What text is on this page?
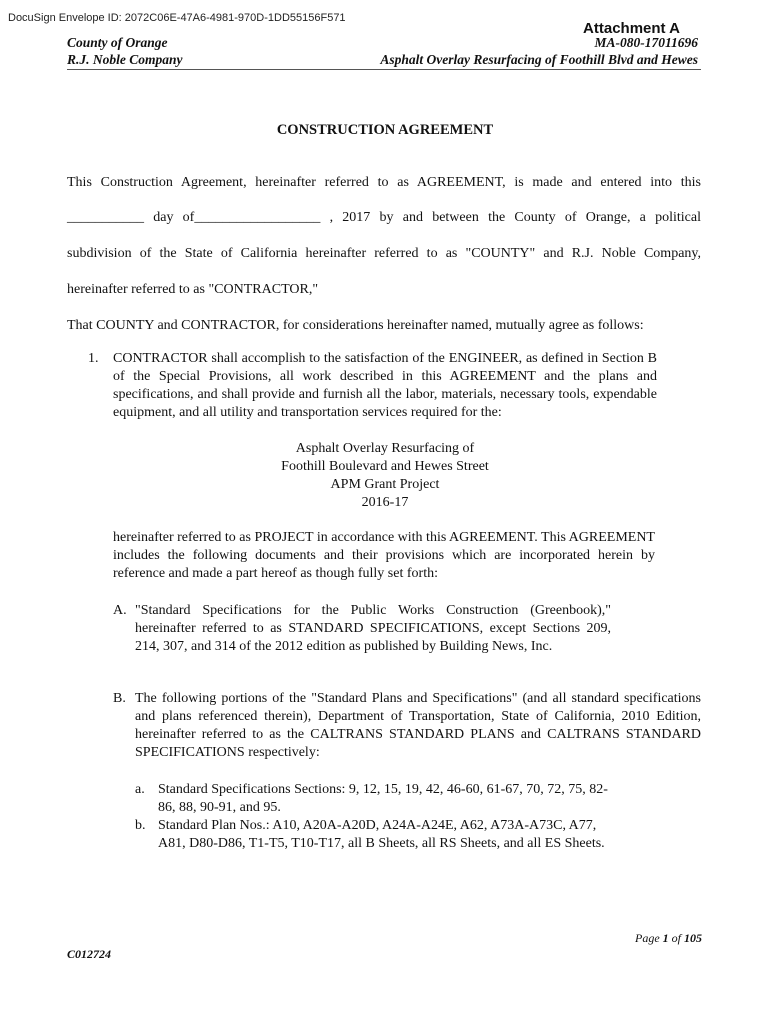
DocuSign Envelope ID: 2072C06E-47A6-4981-970D-1DD55156F571
Attachment A
County of Orange
R.J. Noble Company
MA-080-17011696
Asphalt Overlay Resurfacing of Foothill Blvd and Hewes
CONSTRUCTION AGREEMENT
This Construction Agreement, hereinafter referred to as AGREEMENT, is made and entered into this
___________ day of__________________ , 2017 by and between the County of Orange, a political
subdivision of the State of California hereinafter referred to as "COUNTY" and R.J. Noble Company,
hereinafter referred to as "CONTRACTOR,"
That COUNTY and CONTRACTOR, for considerations hereinafter named, mutually agree as follows:
1. CONTRACTOR shall accomplish to the satisfaction of the ENGINEER, as defined in Section B of the Special Provisions, all work described in this AGREEMENT and the plans and specifications, and shall provide and furnish all the labor, materials, necessary tools, expendable equipment, and all utility and transportation services required for the:
Asphalt Overlay Resurfacing of
Foothill Boulevard and Hewes Street
APM Grant Project
2016-17
hereinafter referred to as PROJECT in accordance with this AGREEMENT. This AGREEMENT includes the following documents and their provisions which are incorporated herein by reference and made a part hereof as though fully set forth:
A. "Standard Specifications for the Public Works Construction (Greenbook)," hereinafter referred to as STANDARD SPECIFICATIONS, except Sections 209, 214, 307, and 314 of the 2012 edition as published by Building News, Inc.
B. The following portions of the "Standard Plans and Specifications" (and all standard specifications and plans referenced therein), Department of Transportation, State of California, 2010 Edition, hereinafter referred to as the CALTRANS STANDARD PLANS and CALTRANS STANDARD SPECIFICATIONS respectively:
a. Standard Specifications Sections: 9, 12, 15, 19, 42, 46-60, 61-67, 70, 72, 75, 82-86, 88, 90-91, and 95.
b. Standard Plan Nos.: A10, A20A-A20D, A24A-A24E, A62, A73A-A73C, A77, A81, D80-D86, T1-T5, T10-T17, all B Sheets, all RS Sheets, and all ES Sheets.
Page 1 of 105
C012724
